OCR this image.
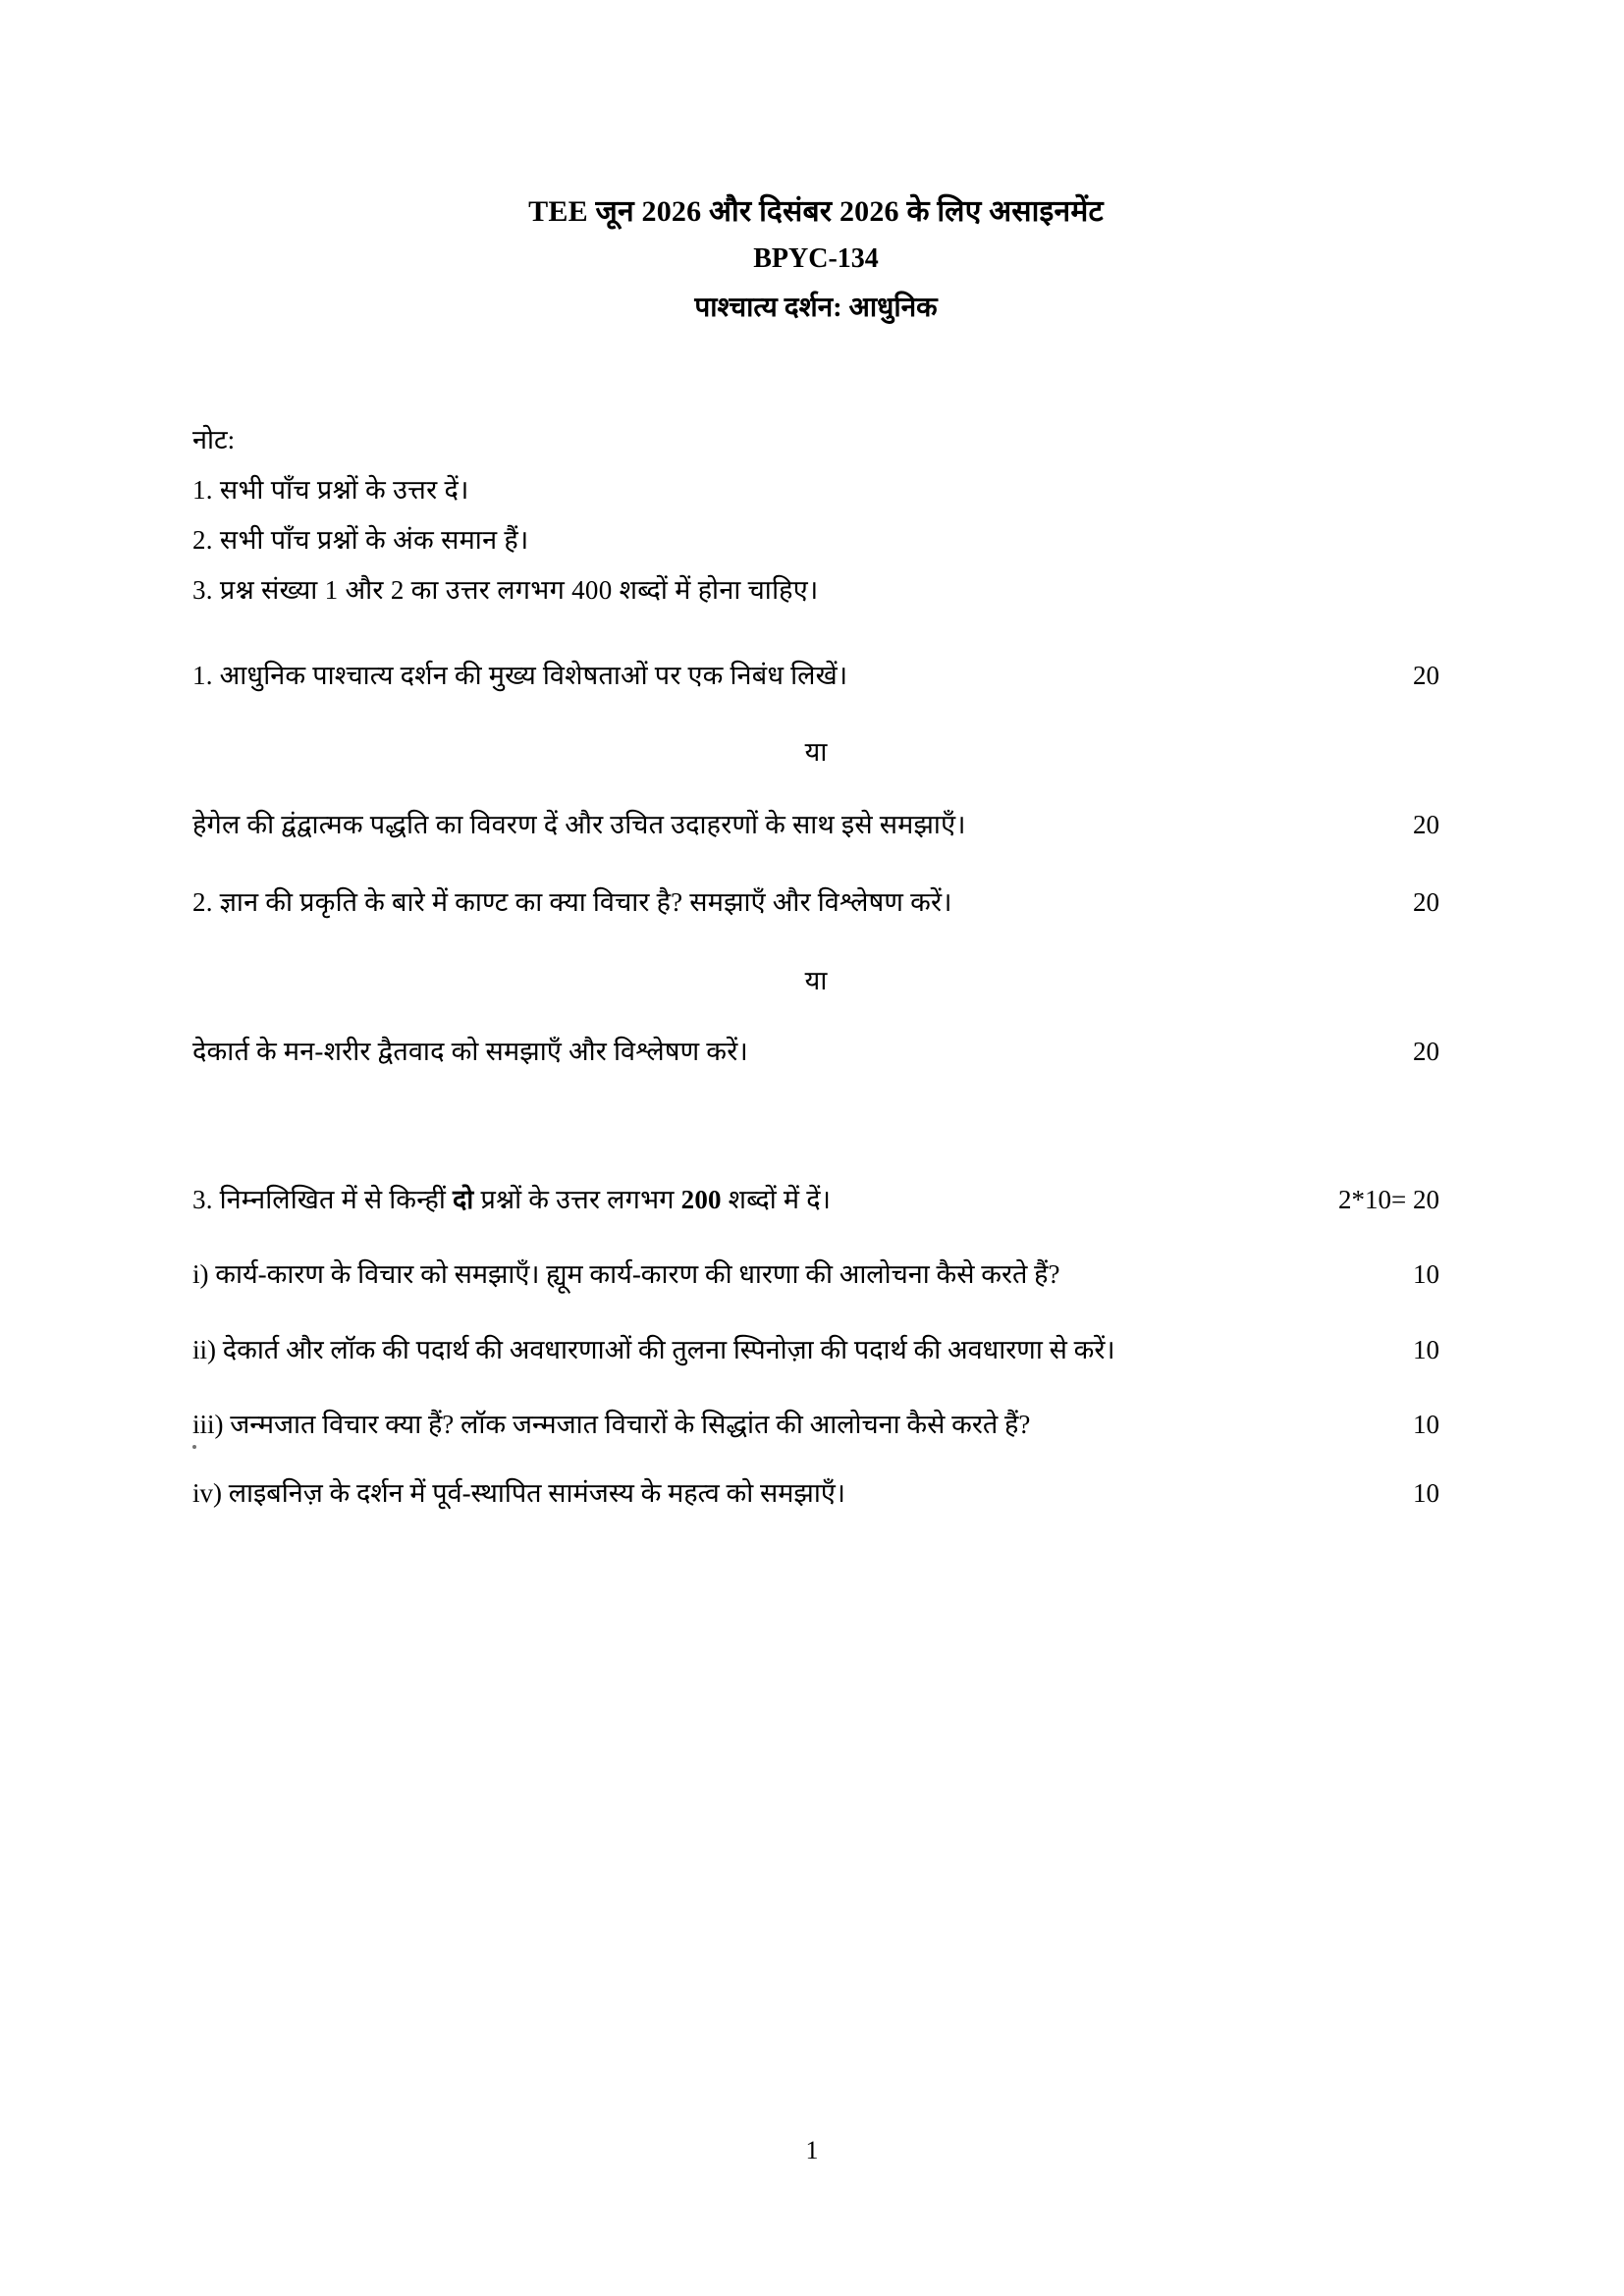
TEE जून 2026 और दिसंबर 2026 के लिए असाइनमेंट
BPYC-134
पाश्चात्य दर्शन: आधुनिक
नोट:
1. सभी पाँच प्रश्नों के उत्तर दें।
2. सभी पाँच प्रश्नों के अंक समान हैं।
3. प्रश्न संख्या 1 और 2 का उत्तर लगभग 400 शब्दों में होना चाहिए।
1. आधुनिक पाश्चात्य दर्शन की मुख्य विशेषताओं पर एक निबंध लिखें।	20
या
हेगेल की द्वंद्वात्मक पद्धति का विवरण दें और उचित उदाहरणों के साथ इसे समझाएँ।	20
2. ज्ञान की प्रकृति के बारे में काण्ट का क्या विचार है? समझाएँ और विश्लेषण करें।	20
या
देकार्त के मन-शरीर द्वैतवाद को समझाएँ और विश्लेषण करें।	20
3. निम्नलिखित में से किन्हीं दो प्रश्नों के उत्तर लगभग 200 शब्दों में दें।	2*10= 20
i) कार्य-कारण के विचार को समझाएँ। ह्यूम कार्य-कारण की धारणा की आलोचना कैसे करते हैं?	10
ii) देकार्त और लॉक की पदार्थ की अवधारणाओं की तुलना स्पिनोज़ा की पदार्थ की अवधारणा से करें।	10
iii) जन्मजात विचार क्या हैं? लॉक जन्मजात विचारों के सिद्धांत की आलोचना कैसे करते हैं?	10
iv) लाइबनिज़ के दर्शन में पूर्व-स्थापित सामंजस्य के महत्व को समझाएँ।	10
1
